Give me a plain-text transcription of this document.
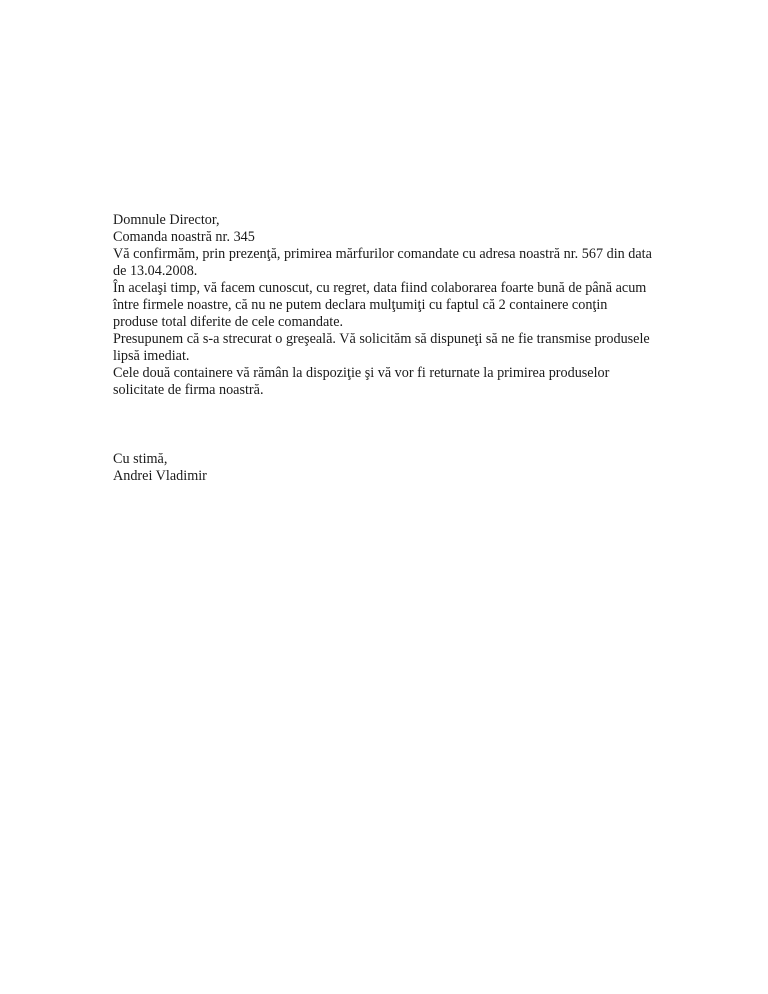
Domnule Director,

Comanda noastră nr. 345

Vă confirmăm, prin prezenţă, primirea mărfurilor comandate cu adresa noastră nr. 567 din data de 13.04.2008.

În acelaşi timp, vă facem cunoscut, cu regret, data fiind colaborarea foarte bună de până acum între firmele noastre, că nu ne putem declara mulţumiţi cu faptul că 2 containere conţin produse total diferite de cele comandate.

Presupunem că s-a strecurat o greşeală. Vă solicităm să dispuneţi să ne fie transmise produsele lipsă imediat.

Cele două containere vă rămân la dispoziţie şi vă vor fi returnate la primirea produselor solicitate de firma noastră.

Cu stimă,

Andrei Vladimir
